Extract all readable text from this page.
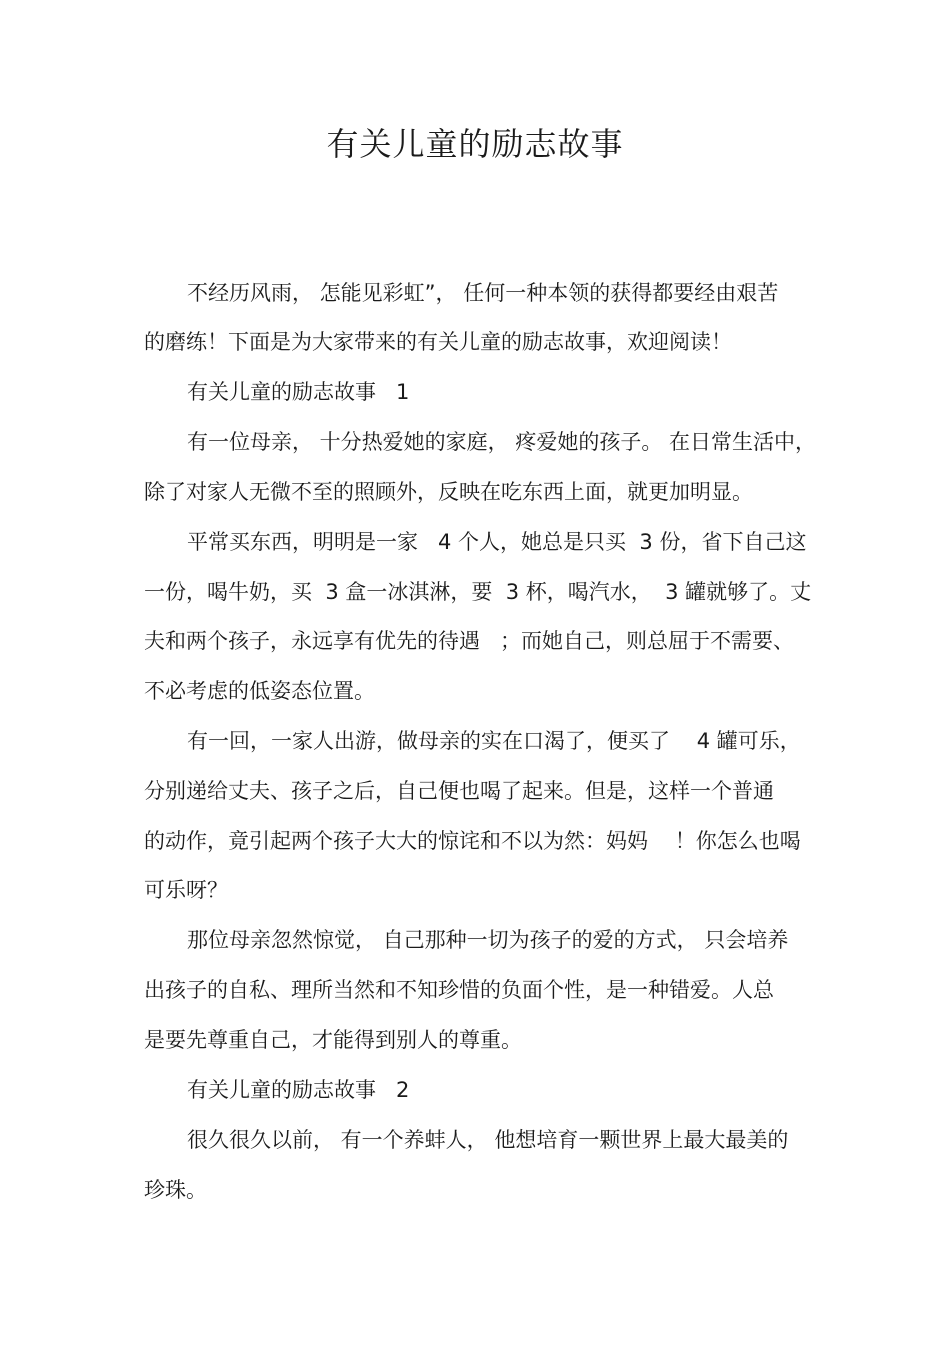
有关儿童的励志故事

不经历风雨， 怎能见彩虹”， 任何一种本领的获得都要经由艰苦

的磨练！下面是为大家带来的有关儿童的励志故事，欢迎阅读！

有关儿童的励志故事   1

有一位母亲， 十分热爱她的家庭， 疼爱她的孩子。 在日常生活中，

除了对家人无微不至的照顾外，反映在吃东西上面，就更加明显。

平常买东西，明明是一家   4 个人，她总是只买  3 份，省下自己这

一份，喝牛奶，买  3 盒一冰淇淋，要  3 杯，喝汽水，  3 罐就够了。丈

夫和两个孩子，永远享有优先的待遇   ；而她自己，则总屈于不需要、

不必考虑的低姿态位置。

有一回，一家人出游，做母亲的实在口渴了，便买了    4 罐可乐，

分别递给丈夫、孩子之后，自己便也喝了起来。但是，这样一个普通

的动作，竟引起两个孩子大大的惊诧和不以为然：妈妈    ！你怎么也喝

可乐呀？

那位母亲忽然惊觉， 自己那种一切为孩子的爱的方式， 只会培养

出孩子的自私、理所当然和不知珍惜的负面个性，是一种错爱。人总

是要先尊重自己，才能得到别人的尊重。

有关儿童的励志故事   2

很久很久以前， 有一个养蚌人， 他想培育一颗世界上最大最美的

珍珠。
